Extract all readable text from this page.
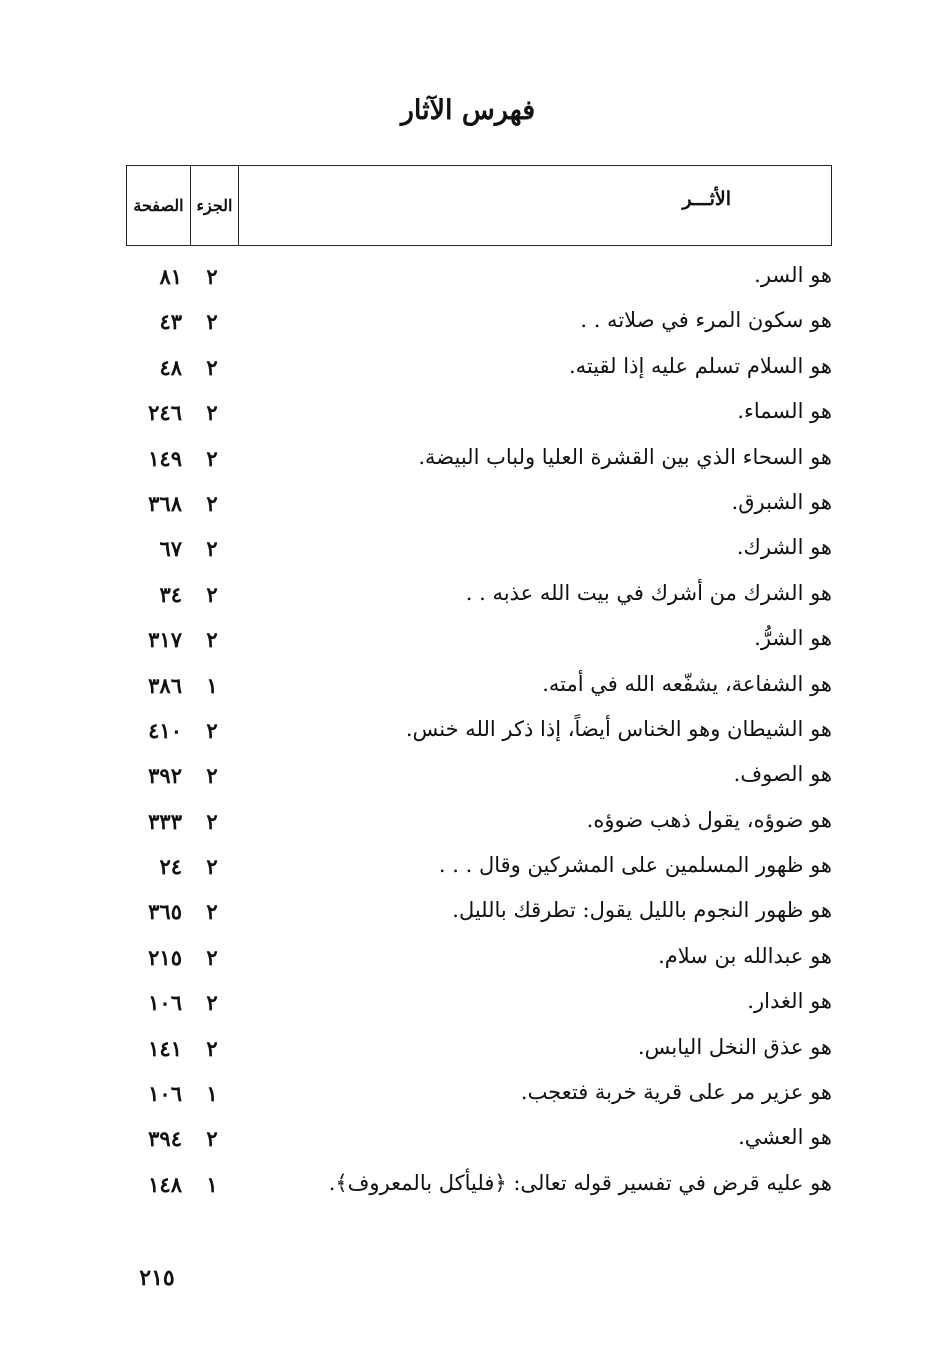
فهرس الآثار
الصفحة الجزء	الأثـــر
هو السر.
٢
٨١
هو سكون المرء في صلاته . .
٢
٤٣
هو السلام تسلم عليه إذا لقيته.
٢
٤٨
هو السماء.
٢
٢٤٦
هو السحاء الذي بين القشرة العليا ولباب البيضة.
٢
١٤٩
هو الشبرق.
٢
٣٦٨
هو الشرك.
٢
٦٧
هو الشرك من أشرك في بيت الله عذبه . .
٢
٣٤
هو الشرُّ.
٢
٣١٧
هو الشفاعة، يشفّعه الله في أمته.
١
٣٨٦
هو الشيطان وهو الخناس أيضاً، إذا ذكر الله خنس.
٢
٤١٠
هو الصوف.
٢
٣٩٢
هو ضوؤه، يقول ذهب ضوؤه.
٢
٣٣٣
هو ظهور المسلمين على المشركين وقال . . .
٢
٢٤
هو ظهور النجوم بالليل يقول: تطرقك بالليل.
٢
٣٦٥
هو عبدالله بن سلام.
٢
٢١٥
هو الغدار.
٢
١٠٦
هو عذق النخل اليابس.
٢
١٤١
هو عزير مر على قرية خربة فتعجب.
١
١٠٦
هو العشي.
٢
٣٩٤
هو عليه قرض في تفسير قوله تعالى: ﴿فليأكل بالمعروف﴾.
١
١٤٨
٢١٥
